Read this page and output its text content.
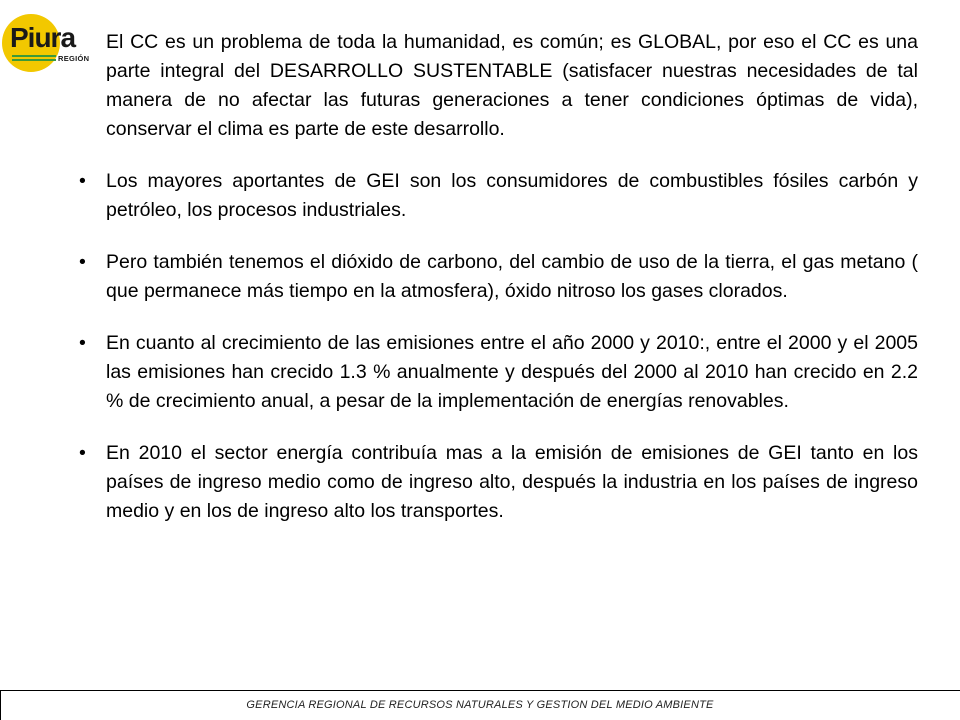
Piura
REGIÓN
El CC es un problema de toda la humanidad, es común; es GLOBAL, por eso el CC es una parte integral del DESARROLLO SUSTENTABLE (satisfacer nuestras necesidades de tal manera de no afectar las futuras generaciones a tener condiciones óptimas de vida), conservar el clima es parte de este desarrollo.
• Los mayores aportantes de GEI son los consumidores de combustibles fósiles carbón y petróleo, los procesos industriales.
• Pero también tenemos el dióxido de carbono, del cambio de uso de la tierra, el gas metano ( que permanece más tiempo en la atmosfera), óxido nitroso los gases clorados.
• En cuanto al crecimiento de las emisiones entre el año 2000 y 2010:, entre el 2000 y el 2005 las emisiones han crecido 1.3 % anualmente y después del 2000 al 2010 han crecido en 2.2 % de crecimiento anual, a pesar de la implementación de energías renovables.
• En 2010 el sector energía contribuía mas a la emisión de emisiones de GEI tanto en los países de ingreso medio como de ingreso alto, después la industria en los países de ingreso medio y en los de ingreso alto los transportes.
GERENCIA REGIONAL DE RECURSOS NATURALES Y GESTION DEL MEDIO AMBIENTE
